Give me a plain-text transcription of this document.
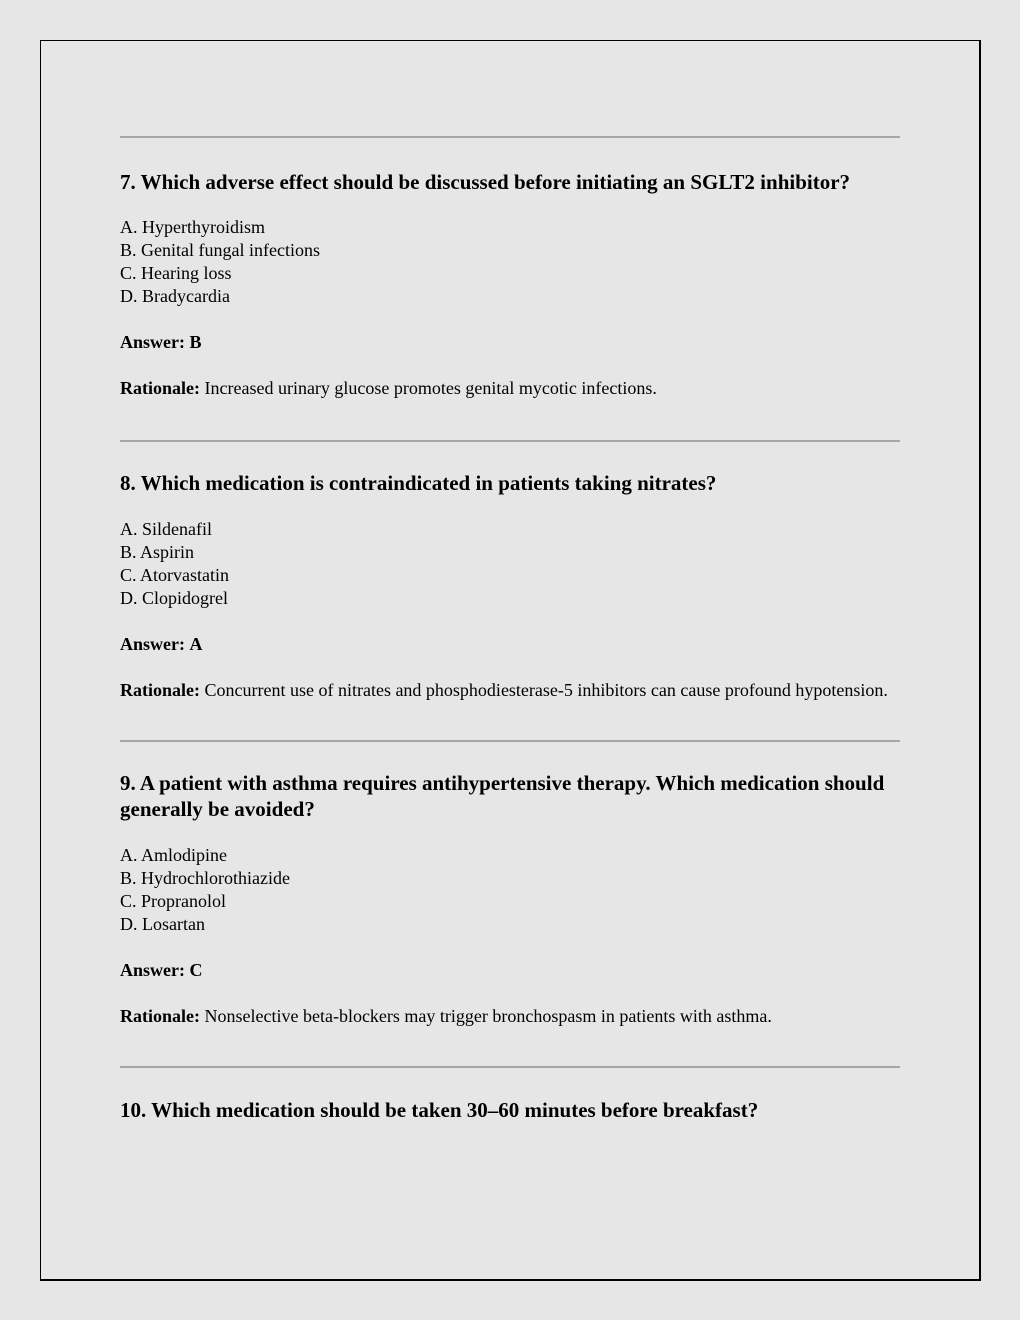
7. Which adverse effect should be discussed before initiating an SGLT2 inhibitor?

A. Hyperthyroidism
B. Genital fungal infections
C. Hearing loss
D. Bradycardia

Answer: B

Rationale: Increased urinary glucose promotes genital mycotic infections.

8. Which medication is contraindicated in patients taking nitrates?

A. Sildenafil
B. Aspirin
C. Atorvastatin
D. Clopidogrel

Answer: A

Rationale: Concurrent use of nitrates and phosphodiesterase-5 inhibitors can cause profound hypotension.

9. A patient with asthma requires antihypertensive therapy. Which medication should generally be avoided?

A. Amlodipine
B. Hydrochlorothiazide
C. Propranolol
D. Losartan

Answer: C

Rationale: Nonselective beta-blockers may trigger bronchospasm in patients with asthma.

10. Which medication should be taken 30–60 minutes before breakfast?
